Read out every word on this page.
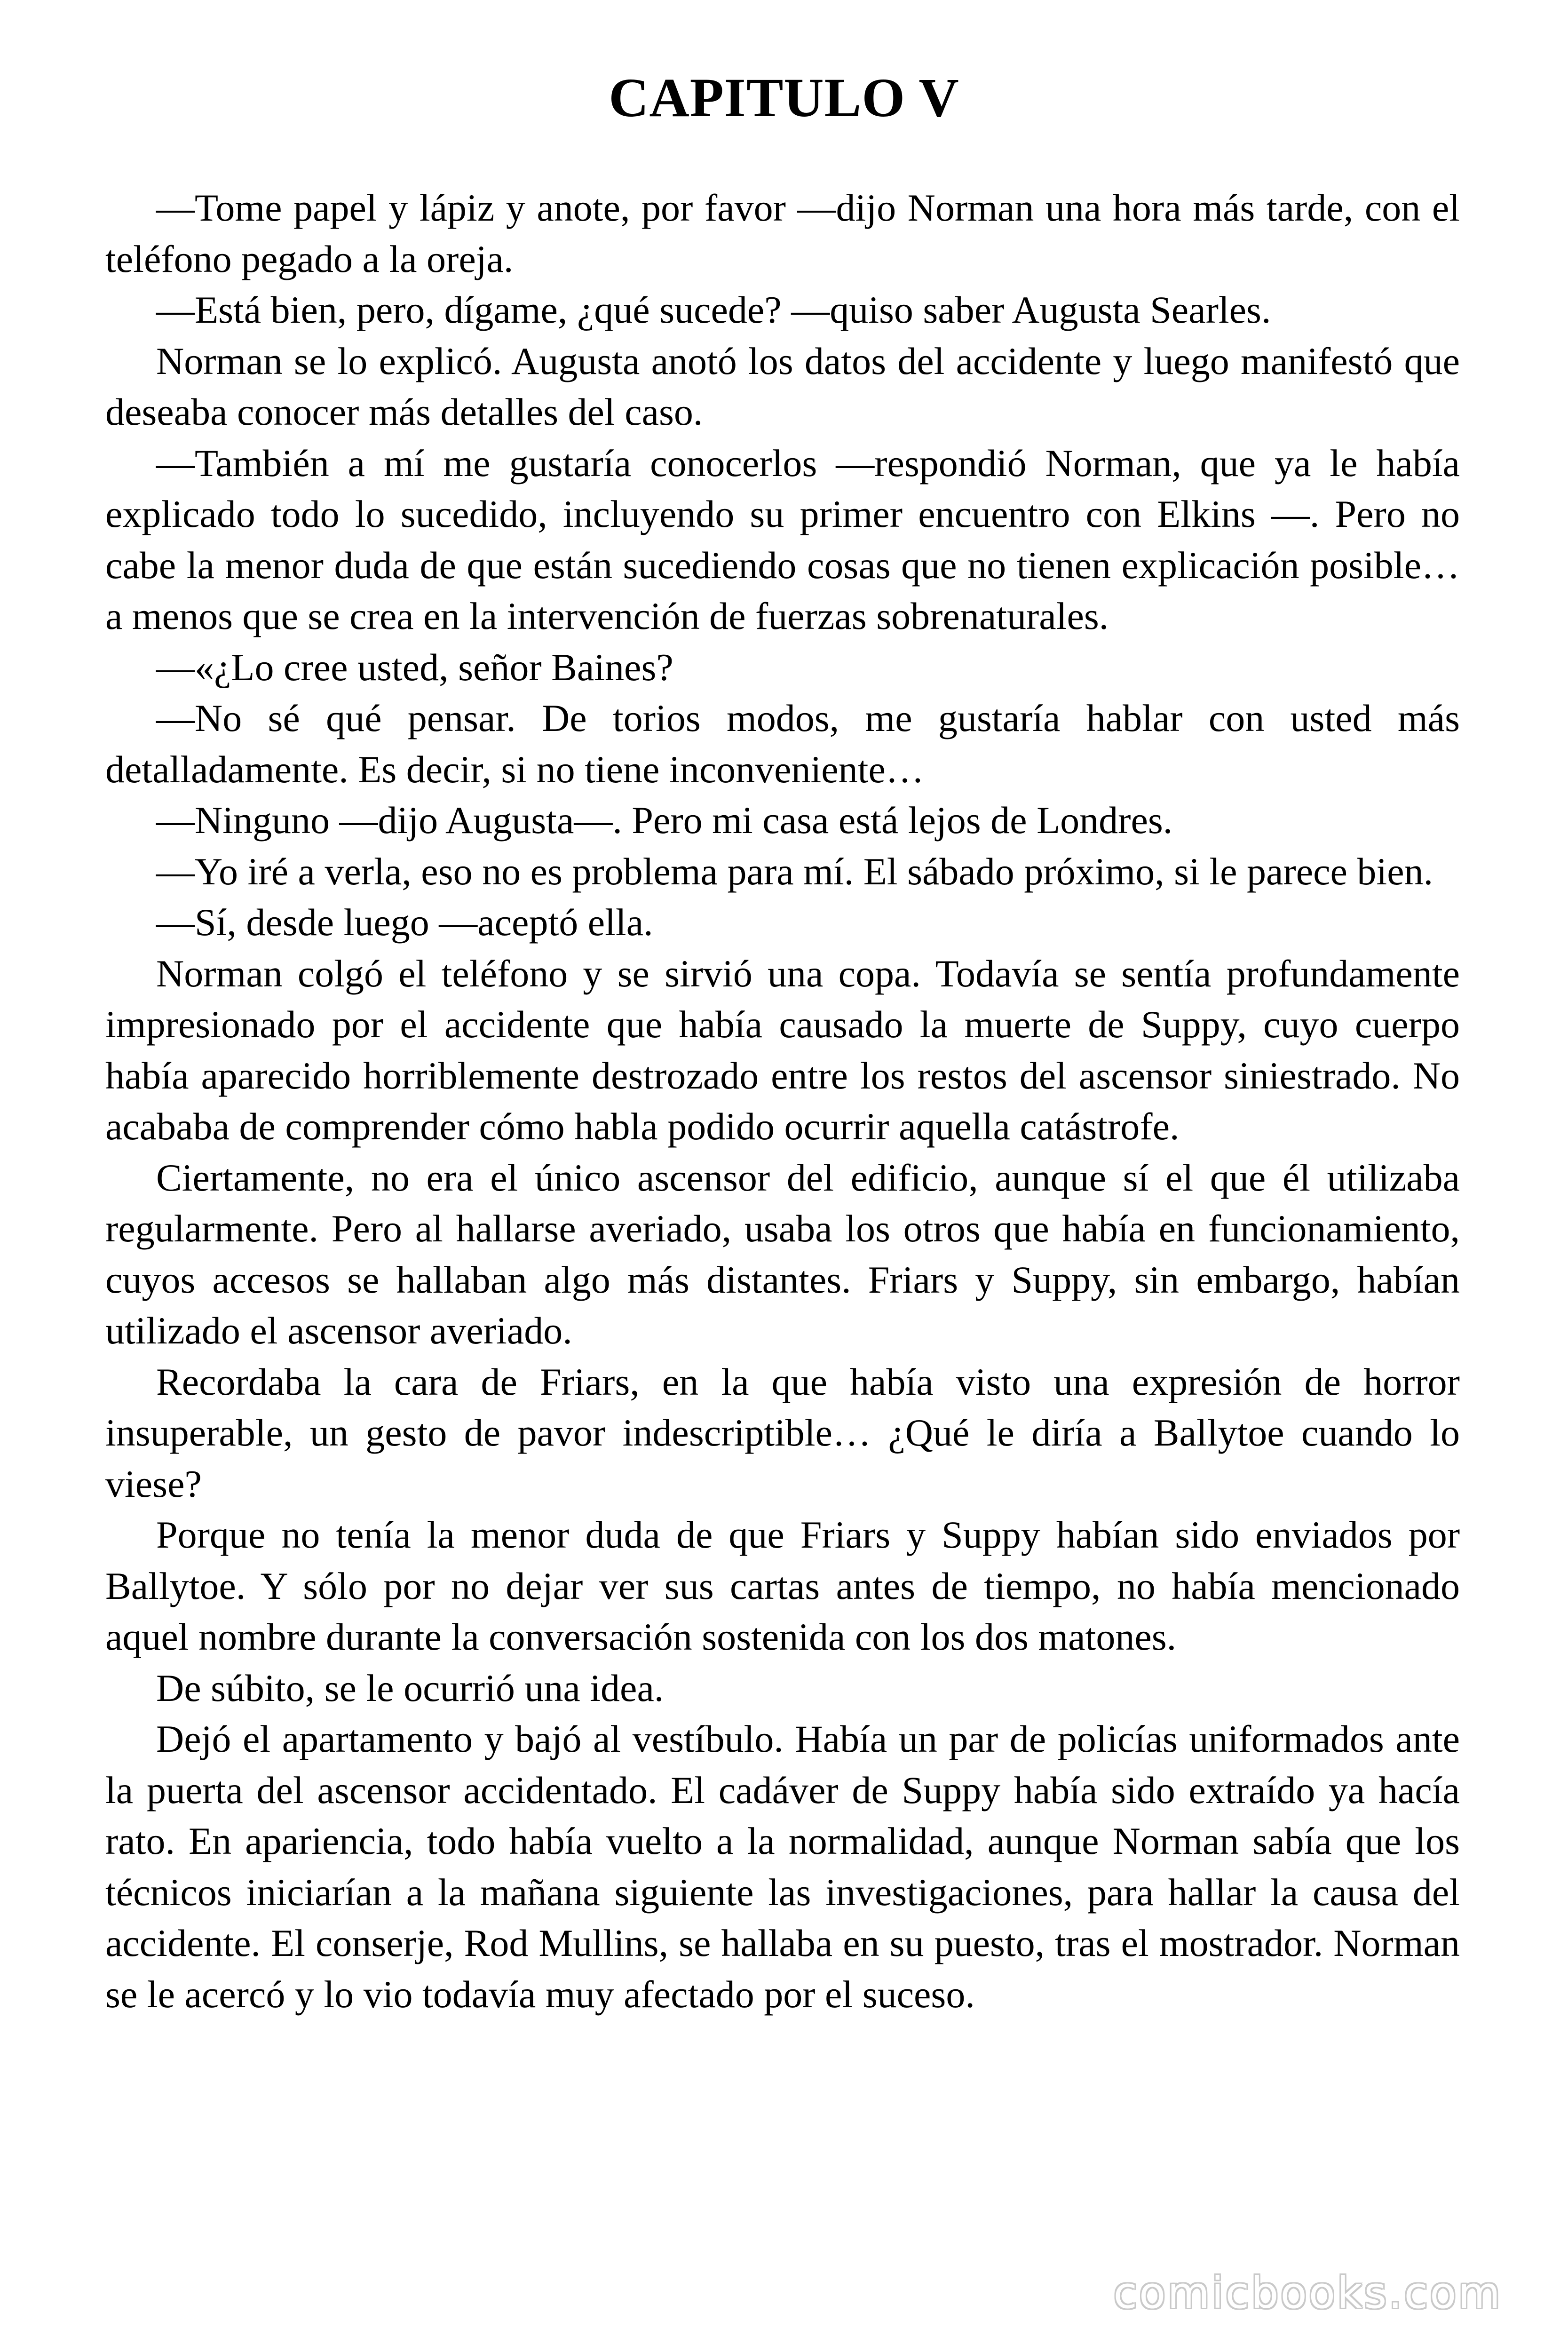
CAPITULO V

—Tome papel y lápiz y anote, por favor —dijo Norman una hora más tarde, con el teléfono pegado a la oreja.

—Está bien, pero, dígame, ¿qué sucede? —quiso saber Augusta Searles.

Norman se lo explicó. Augusta anotó los datos del accidente y luego manifestó que deseaba conocer más detalles del caso.

—También a mí me gustaría conocerlos —respondió Norman, que ya le había explicado todo lo sucedido, incluyendo su primer encuentro con Elkins —. Pero no cabe la menor duda de que están sucediendo cosas que no tienen explicación posible… a menos que se crea en la intervención de fuerzas sobrenaturales.

—«¿Lo cree usted, señor Baines?

—No sé qué pensar. De torios modos, me gustaría hablar con usted más detalladamente. Es decir, si no tiene inconveniente…

—Ninguno —dijo Augusta—. Pero mi casa está lejos de Londres.

—Yo iré a verla, eso no es problema para mí. El sábado próximo, si le parece bien.

—Sí, desde luego —aceptó ella.

Norman colgó el teléfono y se sirvió una copa. Todavía se sentía profundamente impresionado por el accidente que había causado la muerte de Suppy, cuyo cuerpo había aparecido horriblemente destrozado entre los restos del ascensor siniestrado. No acababa de comprender cómo habla podido ocurrir aquella catástrofe.

Ciertamente, no era el único ascensor del edificio, aunque sí el que él utilizaba regularmente. Pero al hallarse averiado, usaba los otros que había en funcionamiento, cuyos accesos se hallaban algo más distantes. Friars y Suppy, sin embargo, habían utilizado el ascensor averiado.

Recordaba la cara de Friars, en la que había visto una expresión de horror insuperable, un gesto de pavor indescriptible… ¿Qué le diría a Ballytoe cuando lo viese?

Porque no tenía la menor duda de que Friars y Suppy habían sido enviados por Ballytoe. Y sólo por no dejar ver sus cartas antes de tiempo, no había mencionado aquel nombre durante la conversación sostenida con los dos matones.

De súbito, se le ocurrió una idea.

Dejó el apartamento y bajó al vestíbulo. Había un par de policías uniformados ante la puerta del ascensor accidentado. El cadáver de Suppy había sido extraído ya hacía rato. En apariencia, todo había vuelto a la normalidad, aunque Norman sabía que los técnicos iniciarían a la mañana siguiente las investigaciones, para hallar la causa del accidente. El conserje, Rod Mullins, se hallaba en su puesto, tras el mostrador. Norman se le acercó y lo vio todavía muy afectado por el suceso.

comicbooks.com
